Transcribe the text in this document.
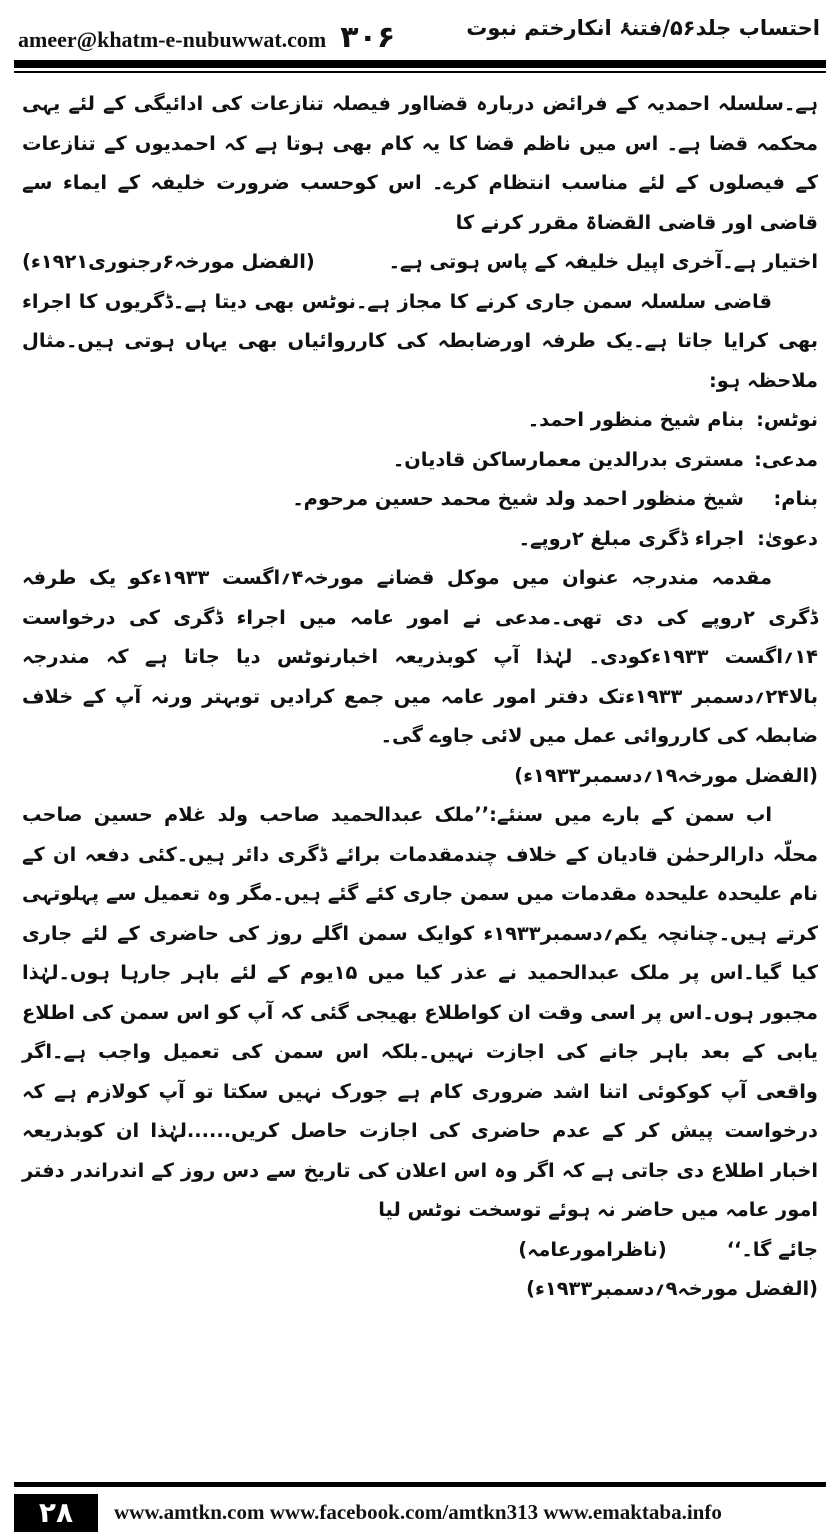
ameer@khatm-e-nubuwwat.com ۳۰۶	احتساب جلد۵۶/فتنۂ انکارختم نبوت

ہے۔سلسلہ احمدیہ کے فرائض دربارہ قضااور فیصلہ تنازعات کی ادائیگی کے لئے یہی محکمہ قضا ہے۔ اس میں ناظم قضا کا یہ کام بھی ہوتا ہے کہ احمدیوں کے تنازعات کے فیصلوں کے لئے مناسب انتظام کرے۔ اس کوحسب ضرورت خلیفہ کے ایماء سے قاضی اور قاضی القضاۃ مقرر کرنے کا

اختیار ہے۔آخری اپیل خلیفہ کے پاس ہوتی ہے۔
(الفضل مورخہ۶رجنوری۱۹۲۱ء)

قاضی سلسلہ سمن جاری کرنے کا مجاز ہے۔نوٹس بھی دیتا ہے۔ڈگریوں کا اجراء بھی کرایا جاتا ہے۔یک طرفہ اورضابطہ کی کارروائیاں بھی یہاں ہوتی ہیں۔مثال ملاحظہ ہو:

نوٹس:
بنام شیخ منظور احمد۔
مدعی:
مستری بدرالدین معمارساکن قادیان۔
بنام:
شیخ منظور احمد ولد شیخ محمد حسین مرحوم۔
دعویٰ:
اجراء ڈگری مبلغ ۲روپے۔

مقدمہ مندرجہ عنوان میں موکل قضانے مورخہ۴؍اگست ۱۹۳۳ءکو یک طرفہ ڈگری ۲روپے کی دی تھی۔مدعی نے امور عامہ میں اجراء ڈگری کی درخواست ۱۴؍اگست ۱۹۳۳ءکودی۔ لہٰذا آپ کوبذریعہ اخبارنوٹس دیا جاتا ہے کہ مندرجہ بالا۲۴؍دسمبر ۱۹۳۳ءتک دفتر امور عامہ میں جمع کرادیں توبہتر ورنہ آپ کے خلاف ضابطہ کی کارروائی عمل میں لائی جاوے گی۔

(الفضل مورخہ۱۹؍دسمبر۱۹۳۳ء)

اب سمن کے بارے میں سنئے:’’ملک عبدالحمید صاحب ولد غلام حسین صاحب محلّہ دارالرحمٰن قادیان کے خلاف چندمقدمات برائے ڈگری دائر ہیں۔کئی دفعہ ان کے نام علیحدہ علیحدہ مقدمات میں سمن جاری کئے گئے ہیں۔مگر وہ تعمیل سے پہلوتہی کرتے ہیں۔چنانچہ یکم؍دسمبر۱۹۳۳ء کوایک سمن اگلے روز کی حاضری کے لئے جاری کیا گیا۔اس پر ملک عبدالحمید نے عذر کیا میں ۱۵یوم کے لئے باہر جارہا ہوں۔لہٰذا مجبور ہوں۔اس پر اسی وقت ان کواطلاع بھیجی گئی کہ آپ کو اس سمن کی اطلاع یابی کے بعد باہر جانے کی اجازت نہیں۔بلکہ اس سمن کی تعمیل واجب ہے۔اگر واقعی آپ کوکوئی اتنا اشد ضروری کام ہے جورک نہیں سکتا تو آپ کولازم ہے کہ درخواست پیش کر کے عدم حاضری کی اجازت حاصل کریں......لہٰذا ان کوبذریعہ اخبار اطلاع دی جاتی ہے کہ اگر وہ اس اعلان کی تاریخ سے دس روز کے اندراندر دفتر امور عامہ میں حاضر نہ ہوئے توسخت نوٹس لیا

جائے گا۔‘‘
(ناظرامورعامہ)

(الفضل مورخہ۹؍دسمبر۱۹۳۳ء)

۲۸	www.amtkn.com www.facebook.com/amtkn313 www.emaktaba.info
